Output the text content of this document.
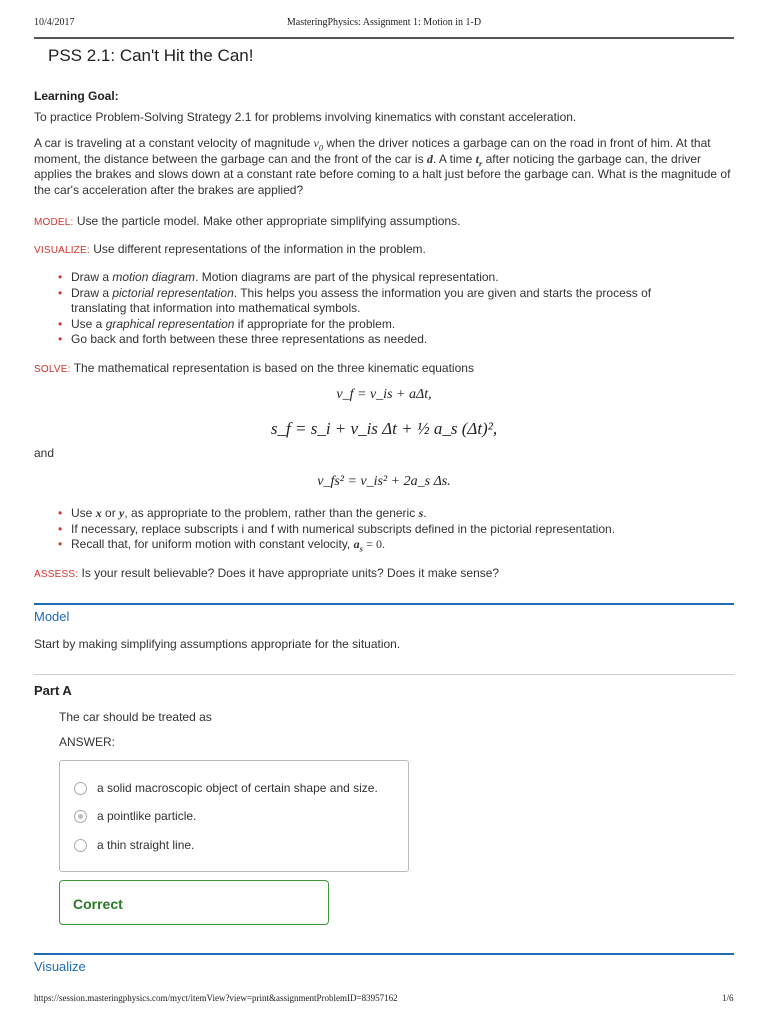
10/4/2017	MasteringPhysics: Assignment 1: Motion in 1-D
PSS 2.1: Can't Hit the Can!
Learning Goal:
To practice Problem-Solving Strategy 2.1 for problems involving kinematics with constant acceleration.
A car is traveling at a constant velocity of magnitude $v_0$ when the driver notices a garbage can on the road in front of him. At that moment, the distance between the garbage can and the front of the car is d. A time $t_r$ after noticing the garbage can, the driver applies the brakes and slows down at a constant rate before coming to a halt just before the garbage can. What is the magnitude of the car's acceleration after the brakes are applied?
MODEL: Use the particle model. Make other appropriate simplifying assumptions.
VISUALIZE: Use different representations of the information in the problem.
• Draw a motion diagram. Motion diagrams are part of the physical representation.
• Draw a pictorial representation. This helps you assess the information you are given and starts the process of translating that information into mathematical symbols.
• Use a graphical representation if appropriate for the problem.
• Go back and forth between these three representations as needed.
SOLVE: The mathematical representation is based on the three kinematic equations
v_f = v_is + aΔt,
s_f = s_i + v_is Δt + ½ a_s (Δt)²,
and
v_fs² = v_is² + 2a_s Δs.
• Use x or y, as appropriate to the problem, rather than the generic s.
• If necessary, replace subscripts i and f with numerical subscripts defined in the pictorial representation.
• Recall that, for uniform motion with constant velocity, $a_s = 0$.
ASSESS: Is your result believable? Does it have appropriate units? Does it make sense?
Model
Start by making simplifying assumptions appropriate for the situation.
Part A
The car should be treated as
ANSWER:
a solid macroscopic object of certain shape and size.
a pointlike particle.
a thin straight line.
Correct
Visualize
https://session.masteringphysics.com/myct/itemView?view=print&assignmentProblemID=83957162	1/6
